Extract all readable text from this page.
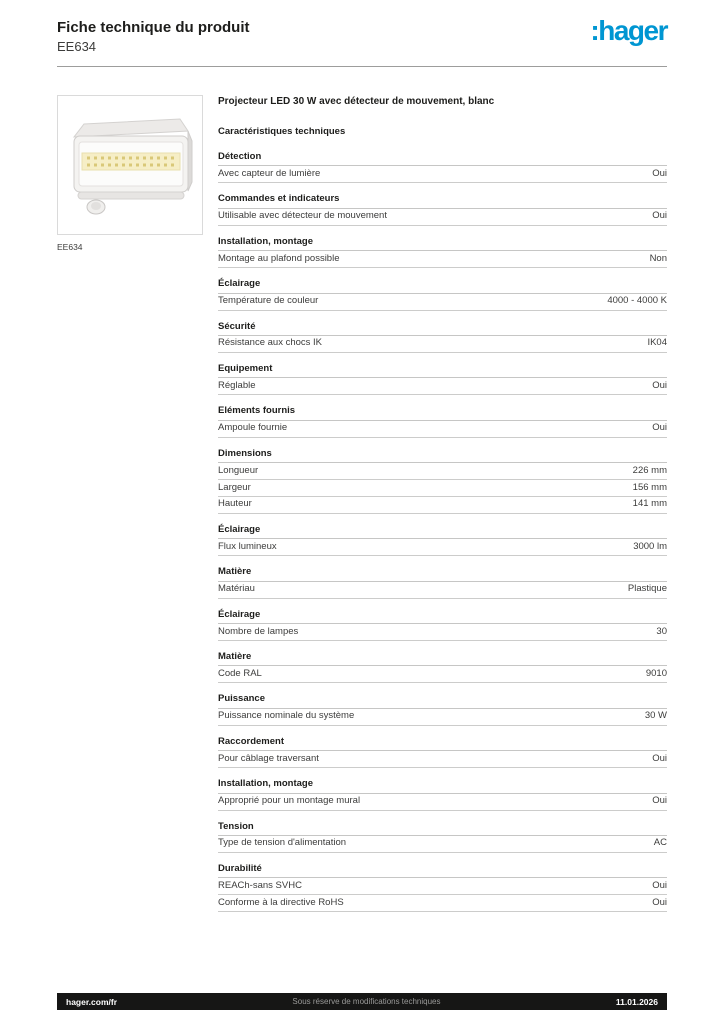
Fiche technique du produit
EE634
:hager
EE634
Projecteur LED 30 W avec détecteur de mouvement, blanc
Caractéristiques techniques
Détection
Avec capteur de lumière	Oui
Commandes et indicateurs
Utilisable avec détecteur de mouvement	Oui
Installation, montage
Montage au plafond possible	Non
Éclairage
Température de couleur	4000 - 4000 K
Sécurité
Résistance aux chocs IK	IK04
Equipement
Réglable	Oui
Eléments fournis
Ampoule fournie	Oui
Dimensions
Longueur	226 mm
Largeur	156 mm
Hauteur	141 mm
Éclairage
Flux lumineux	3000 lm
Matière
Matériau	Plastique
Éclairage
Nombre de lampes	30
Matière
Code RAL	9010
Puissance
Puissance nominale du système	30 W
Raccordement
Pour câblage traversant	Oui
Installation, montage
Approprié pour un montage mural	Oui
Tension
Type de tension d'alimentation	AC
Durabilité
REACh-sans SVHC	Oui
Conforme à la directive RoHS	Oui
hager.com/fr	Sous réserve de modifications techniques	11.01.2026
